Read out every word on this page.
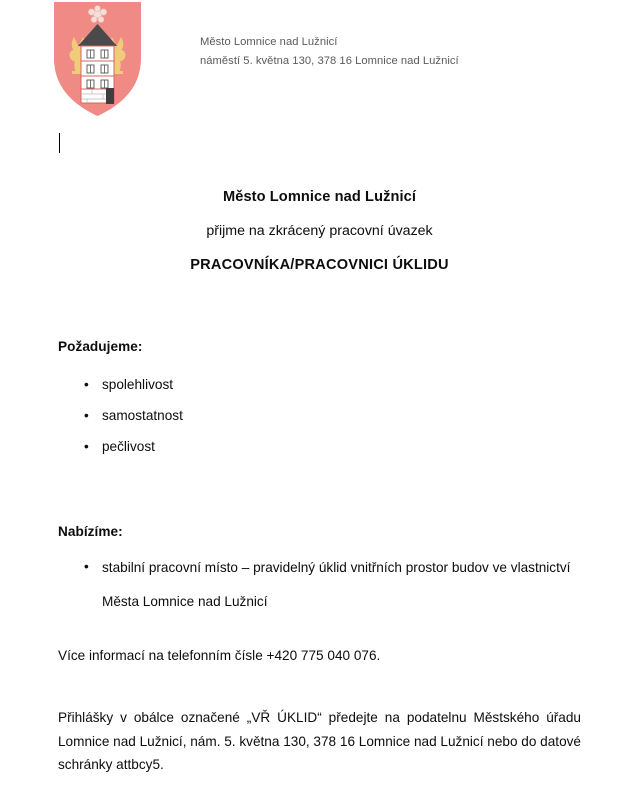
Město Lomnice nad Lužnicí
náměstí 5. května 130, 378 16 Lomnice nad Lužnicí
Město Lomnice nad Lužnicí
přijme na zkrácený pracovní úvazek
PRACOVNÍKA/PRACOVNICI ÚKLIDU
Požadujeme:
• spolehlivost
• samostatnost
• pečlivost
Nabízíme:
• stabilní pracovní místo – pravidelný úklid vnitřních prostor budov ve vlastnictví Města Lomnice nad Lužnicí
Více informací na telefonním čísle +420 775 040 076.
Přihlášky v obálce označené „VŘ ÚKLID“ předejte na podatelnu Městského úřadu Lomnice nad Lužnicí, nám. 5. května 130, 378 16 Lomnice nad Lužnicí nebo do datové schránky attbcy5.
